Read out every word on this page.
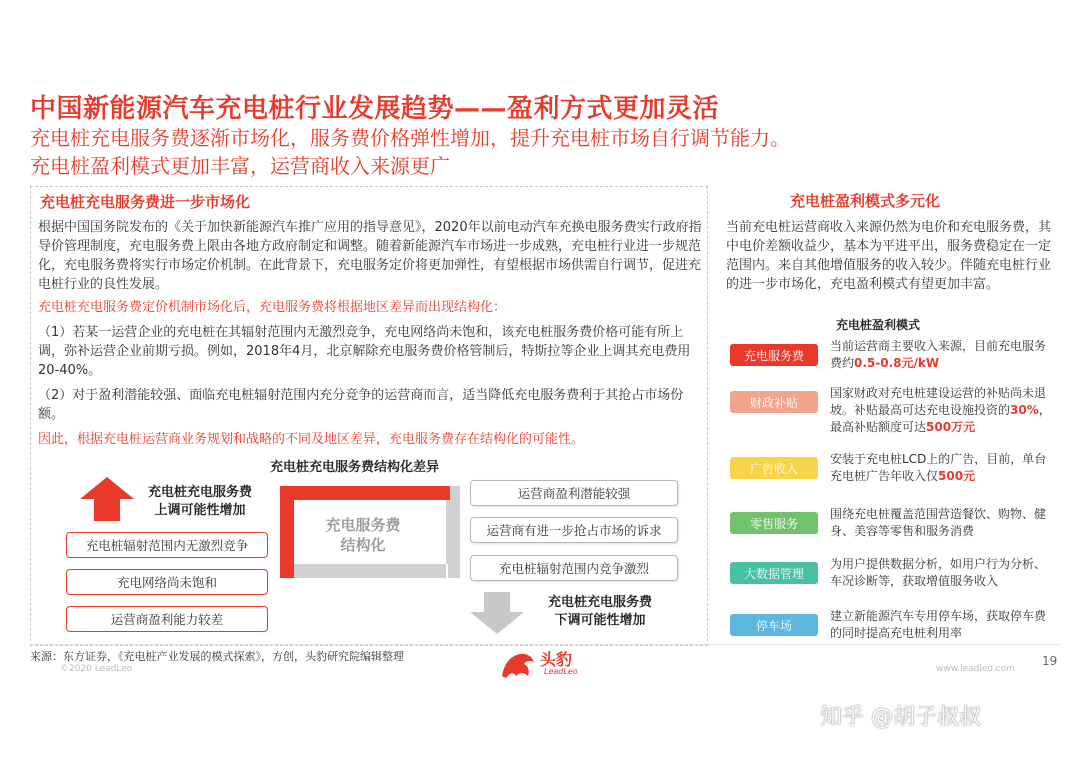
中国新能源汽车充电桩行业发展趋势——盈利方式更加灵活
充电桩充电服务费逐渐市场化，服务费价格弹性增加，提升充电桩市场自行调节能力。
充电桩盈利模式更加丰富，运营商收入来源更广
充电桩充电服务费进一步市场化
根据中国国务院发布的《关于加快新能源汽车推广应用的指导意见》，2020年以前电动汽车充换电服务费实行政府指导价管理制度，充电服务费上限由各地方政府制定和调整。随着新能源汽车市场进一步成熟，充电桩行业进一步规范化，充电服务费将实行市场定价机制。在此背景下，充电服务定价将更加弹性，有望根据市场供需自行调节，促进充电桩行业的良性发展。
充电桩充电服务费定价机制市场化后，充电服务费将根据地区差异而出现结构化：
（1）若某一运营企业的充电桩在其辐射范围内无激烈竞争，充电网络尚未饱和，该充电桩服务费价格可能有所上调，弥补运营企业前期亏损。例如，2018年4月，北京解除充电服务费价格管制后，特斯拉等企业上调其充电费用20-40%。
（2）对于盈利潜能较强、面临充电桩辐射范围内充分竞争的运营商而言，适当降低充电服务费利于其抢占市场份额。
因此，根据充电桩运营商业务规划和战略的不同及地区差异，充电服务费存在结构化的可能性。
充电桩充电服务费结构化差异
充电桩充电服务费
上调可能性增加
充电桩辐射范围内无激烈竞争
充电网络尚未饱和
运营商盈利能力较差
充电服务费
结构化
运营商盈利潜能较强
运营商有进一步抢占市场的诉求
充电桩辐射范围内竞争激烈
充电桩充电服务费
下调可能性增加
充电桩盈利模式多元化
当前充电桩运营商收入来源仍然为电价和充电服务费，其中电价差额收益少，基本为平进平出，服务费稳定在一定范围内。来自其他增值服务的收入较少。伴随充电桩行业的进一步市场化，充电盈利模式有望更加丰富。
充电桩盈利模式
充电服务费
当前运营商主要收入来源，目前充电服务费约0.5-0.8元/kW
财政补贴
国家财政对充电桩建设运营的补贴尚未退坡。补贴最高可达充电设施投资的30%，最高补贴额度可达500万元
广告收入
安装于充电桩LCD上的广告，目前，单台充电桩广告年收入仅500元
零售服务
围绕充电桩覆盖范围营造餐饮、购物、健身、美容等零售和服务消费
大数据管理
为用户提供数据分析，如用户行为分析、车况诊断等，获取增值服务收入
停车场
建立新能源汽车专用停车场，获取停车费的同时提高充电桩利用率
来源：东方证券，《充电桩产业发展的模式探索》，方创，头豹研究院编辑整理
©2020 LeadLeo	头豹
LeadLeo	www.leadleo.com
19
知乎 @胡子叔叔
